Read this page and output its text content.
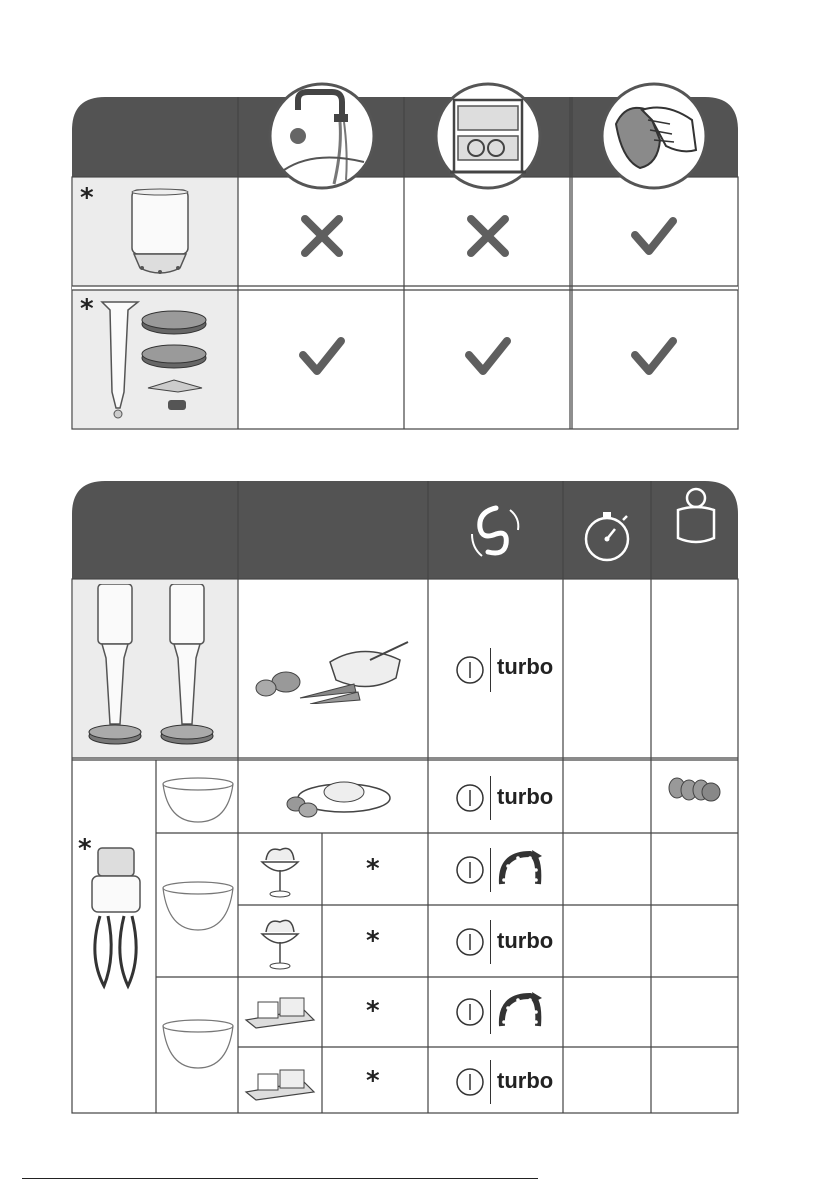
*
*
turbo
*
turbo
*
*	turbo
*
*	turbo
